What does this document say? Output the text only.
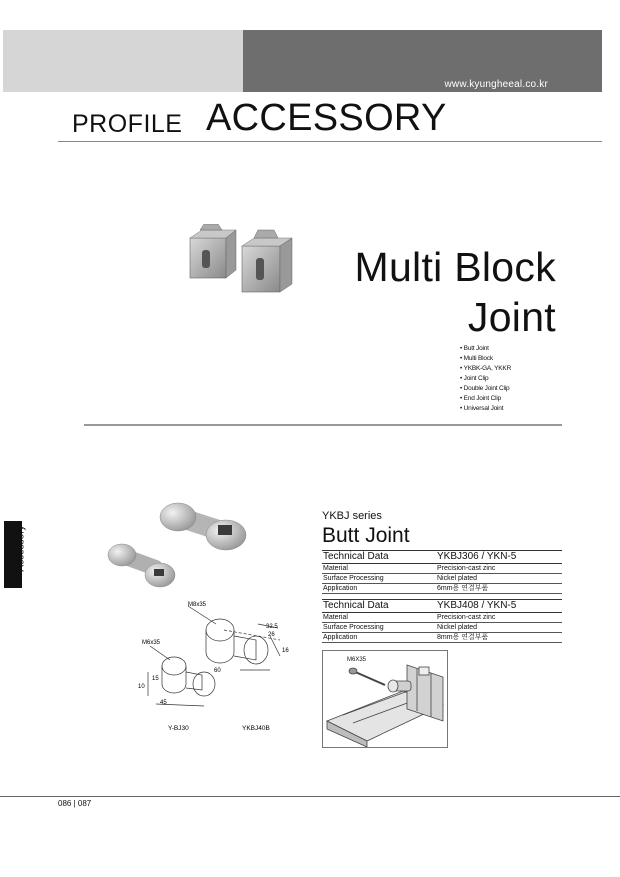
www.kyungheeal.co.kr
PROFILE ACCESSORY
Multi Block
Joint
• Butt Joint
• Multi Block
• YKBK-GA, YKKR
• Joint Clip
• Double Joint Clip
• End Joint Clip
• Universal Joint
Accessory
M8x35
M6x35
32.5
26
16
60
15
10
45
Y-BJ30	YKBJ40B
YKBJ series
Butt Joint
Technical Data	YKBJ306 / YKN-5
Material	Precision-cast zinc
Surface Processing	Nickel plated
Application	6mm용 연결부품
Technical Data	YKBJ408 / YKN-5
Material	Precision-cast zinc
Surface Processing	Nickel plated
Application	8mm용 연결부품
M6X35
086 | 087
